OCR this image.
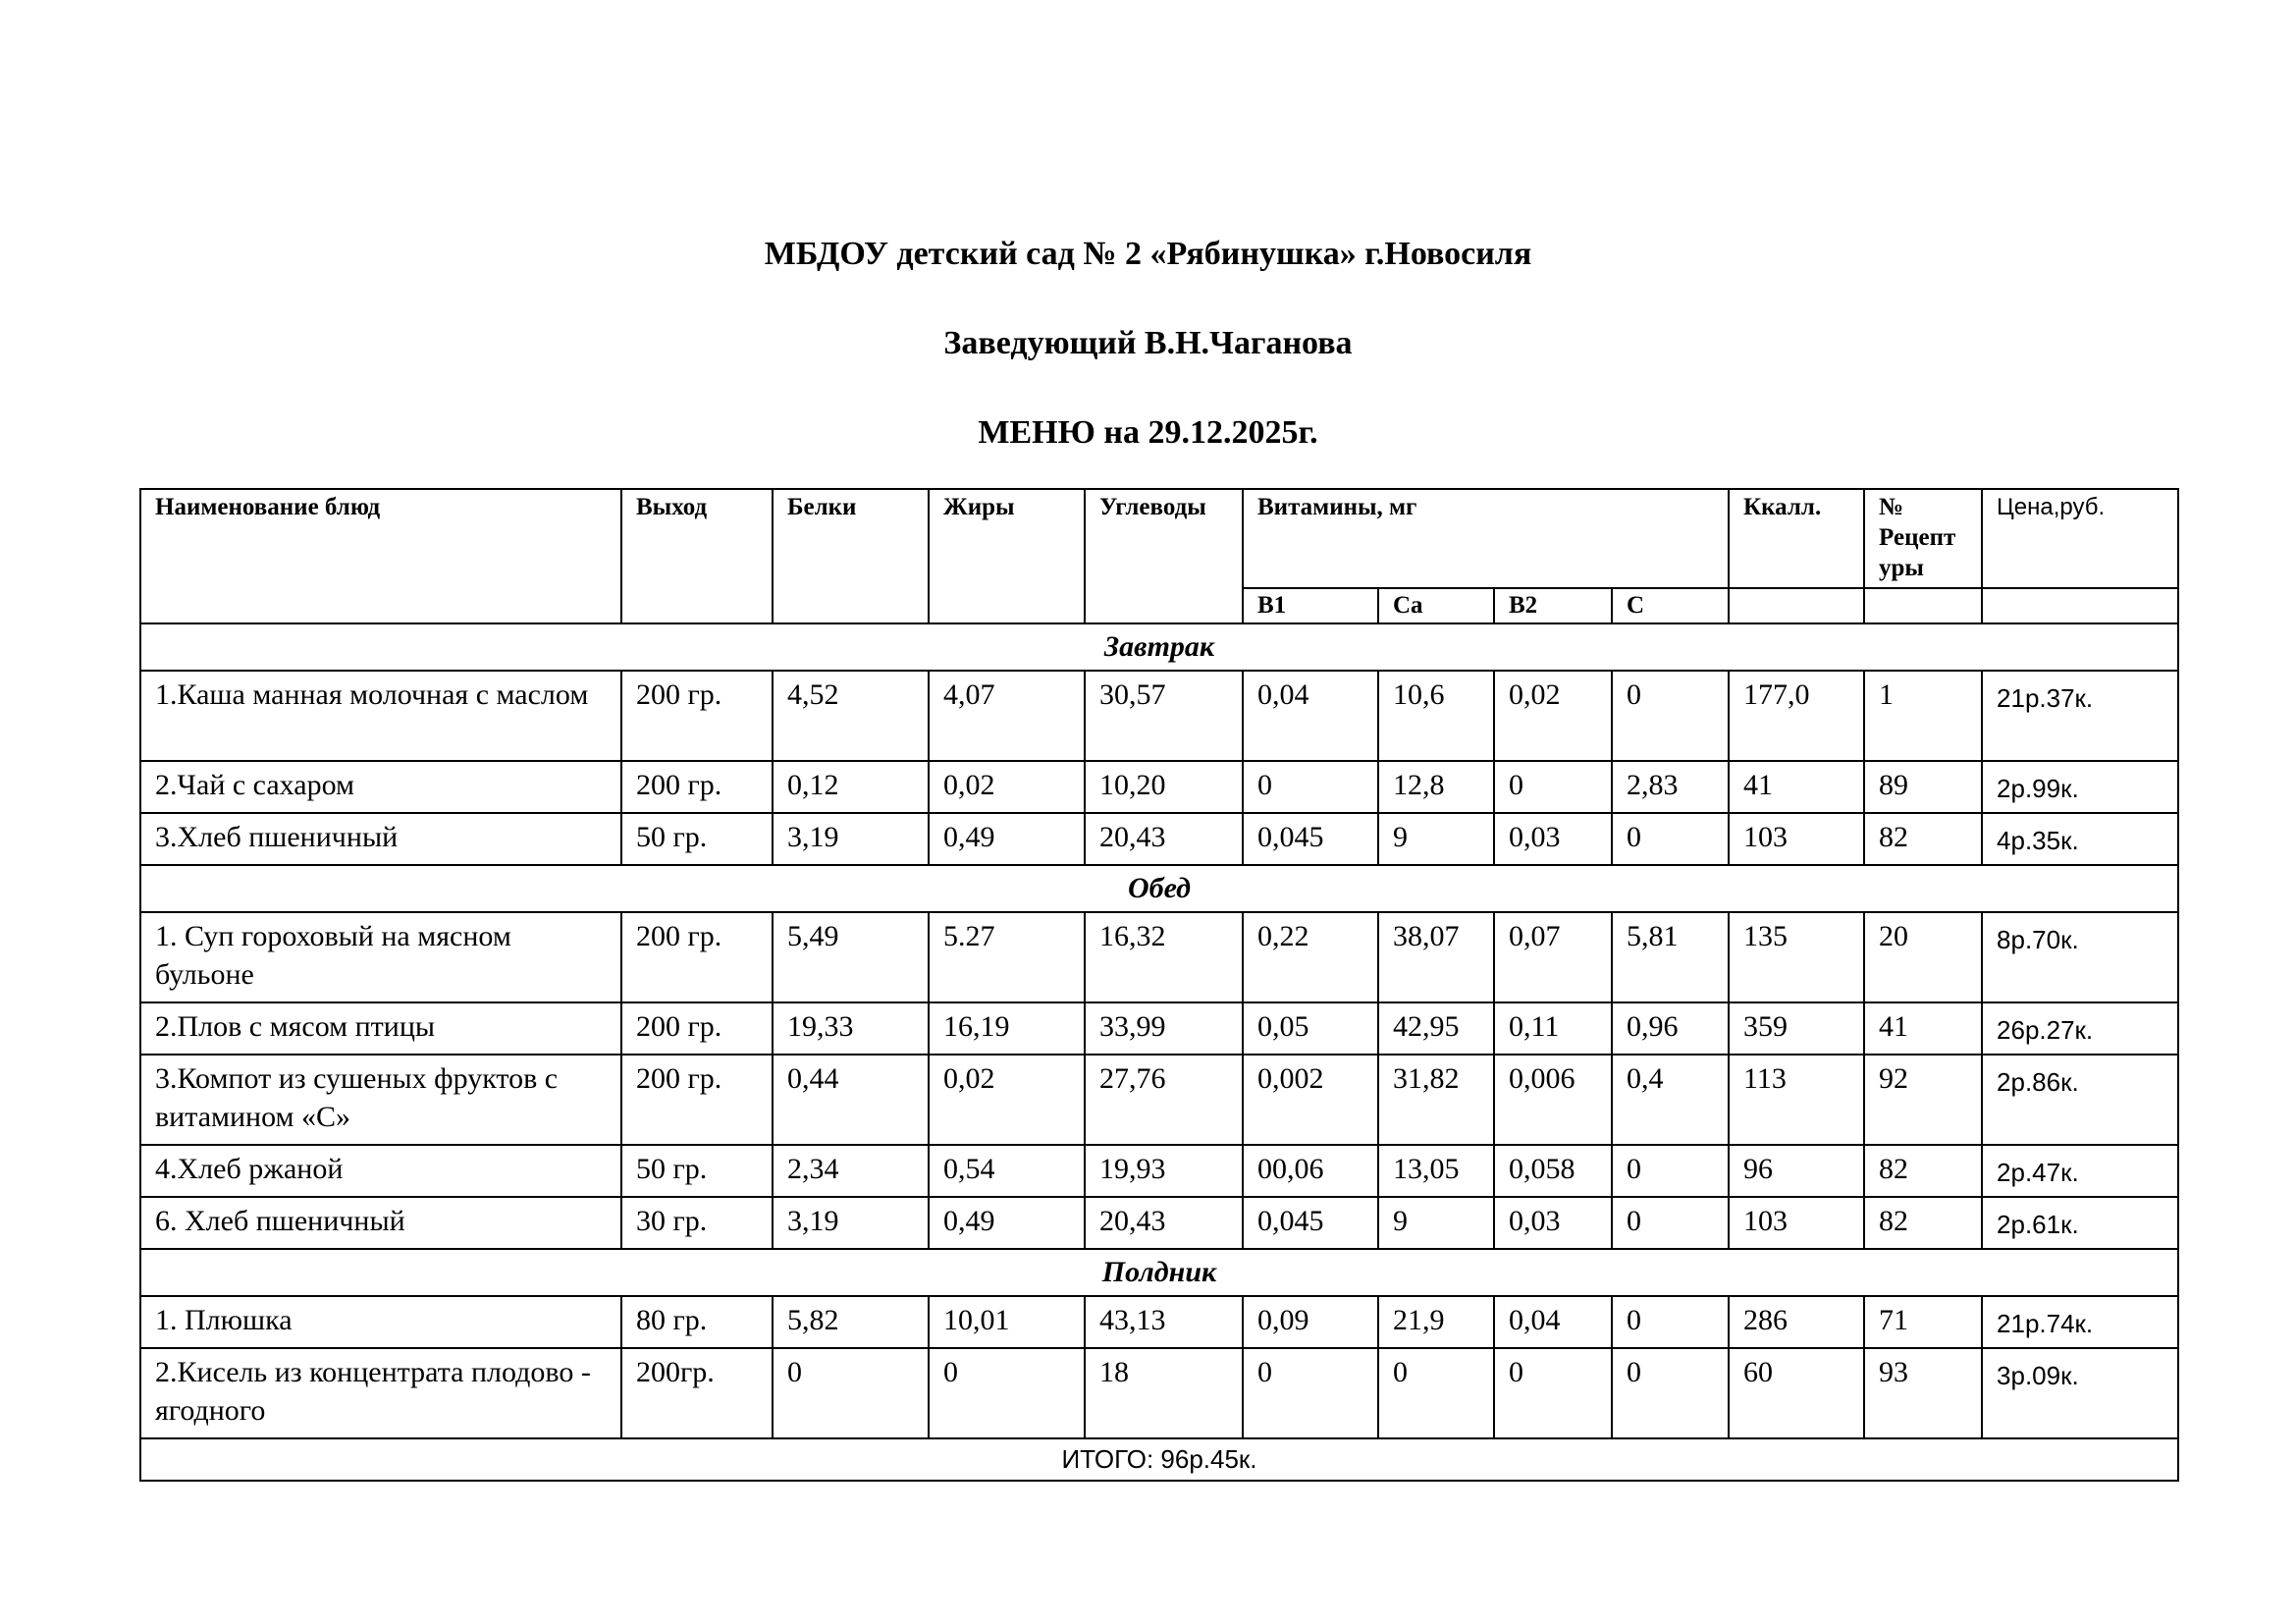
МБДОУ детский сад № 2 «Рябинушка» г.Новосиля
Заведующий В.Н.Чаганова
МЕНЮ на 29.12.2025г.
Наименование блюд	Выход	Белки	Жиры	Углеводы	Витамины, мг				Ккалл.	№ Рецепт уры	Цена,руб.
					В1	Са	В2	С			
Завтрак											
1.Каша манная молочная с маслом	200 гр.	4,52	4,07	30,57	0,04	10,6	0,02	0	177,0	1	21р.37к.
2.Чай с сахаром	200 гр.	0,12	0,02	10,20	0	12,8	0	2,83	41	89	2р.99к.
3.Хлеб пшеничный	50 гр.	3,19	0,49	20,43	0,045	9	0,03	0	103	82	4р.35к.
Обед											
1. Суп гороховый на мясном бульоне	200 гр.	5,49	5.27	16,32	0,22	38,07	0,07	5,81	135	20	8р.70к.
2.Плов с мясом птицы	200 гр.	19,33	16,19	33,99	0,05	42,95	0,11	0,96	359	41	26р.27к.
3.Компот из сушеных фруктов с витамином «С»	200 гр.	0,44	0,02	27,76	0,002	31,82	0,006	0,4	113	92	2р.86к.
4.Хлеб ржаной	50 гр.	2,34	0,54	19,93	00,06	13,05	0,058	0	96	82	2р.47к.
6. Хлеб пшеничный	30 гр.	3,19	0,49	20,43	0,045	9	0,03	0	103	82	2р.61к.
Полдник											
1. Плюшка	80 гр.	5,82	10,01	43,13	0,09	21,9	0,04	0	286	71	21р.74к.
2.Кисель из концентрата плодово - ягодного	200гр.	0	0	18	0	0	0	0	60	93	3р.09к.
ИТОГО: 96р.45к.											
